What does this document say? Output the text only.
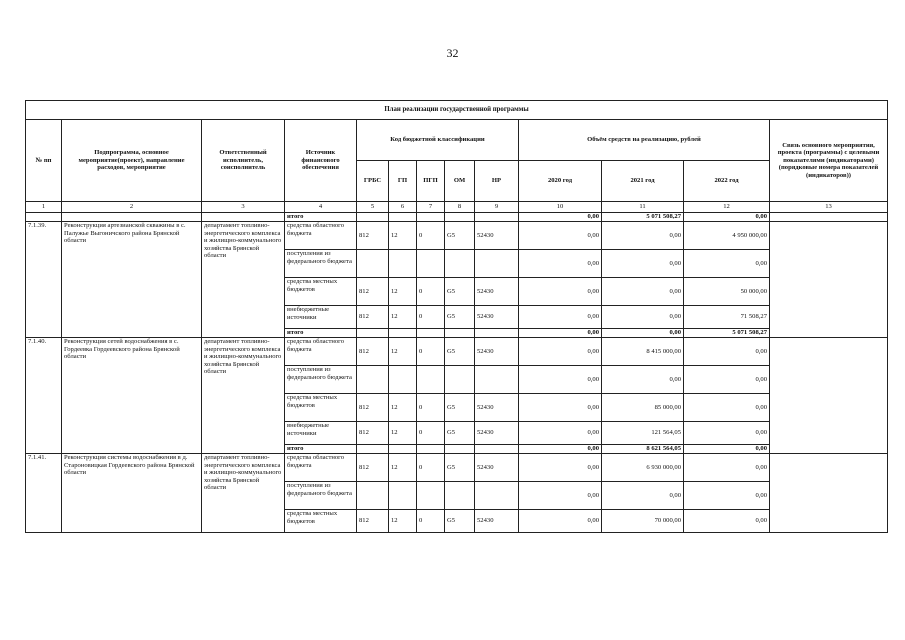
32
План реализации государственной программы												
№ пп	Подпрограмма, основное мероприятие(проект), направление расходов, мероприятие	Ответственный исполнитель, соисполнитель	Источник финансового обеспечения	Код бюджетной классификации					Объём средств на реализацию, рублей			Связь основного мероприятия, проекта (программы) с целевыми показателями (индикаторами) (порядковые номера показателей (индикаторов))
				ГРБС	ГП	ПГП	ОМ	НР	2020 год	2021 год	2022 год	
1	2	3	4	5	6	7	8	9	10	11	12	13
			итого						0,00	5 071 508,27	0,00	
7.1.39.	Реконструкция артезианской скважины в с. Палужье Выгоничского района Брянской области	департамент топливно-энергетического комплекса и жилищно-коммунального хозяйства Брянской области	средства областного бюджета	812	12	0	G5	52430	0,00	0,00	4 950 000,00	
			поступления из федерального бюджета						0,00	0,00	0,00	
			средства местных бюджетов	812	12	0	G5	52430	0,00	0,00	50 000,00	
			внебюджетные источники	812	12	0	G5	52430	0,00	0,00	71 508,27	
			итого						0,00	0,00	5 071 508,27	
7.1.40.	Реконструкция сетей водоснабжения в с. Гордеевка Гордеевского района Брянской области	департамент топливно-энергетического комплекса и жилищно-коммунального хозяйства Брянской области	средства областного бюджета	812	12	0	G5	52430	0,00	8 415 000,00	0,00	
			поступления из федерального бюджета						0,00	0,00	0,00	
			средства местных бюджетов	812	12	0	G5	52430	0,00	85 000,00	0,00	
			внебюджетные источники	812	12	0	G5	52430	0,00	121 564,05	0,00	
			итого						0,00	8 621 564,05	0,00	
7.1.41.	Реконструкция системы водоснабжения в д. Староновицкая Гордеевского района Брянской области	департамент топливно-энергетического комплекса и жилищно-коммунального хозяйства Брянской области	средства областного бюджета	812	12	0	G5	52430	0,00	6 930 000,00	0,00	
			поступления из федерального бюджета						0,00	0,00	0,00	
			средства местных бюджетов	812	12	0	G5	52430	0,00	70 000,00	0,00	
